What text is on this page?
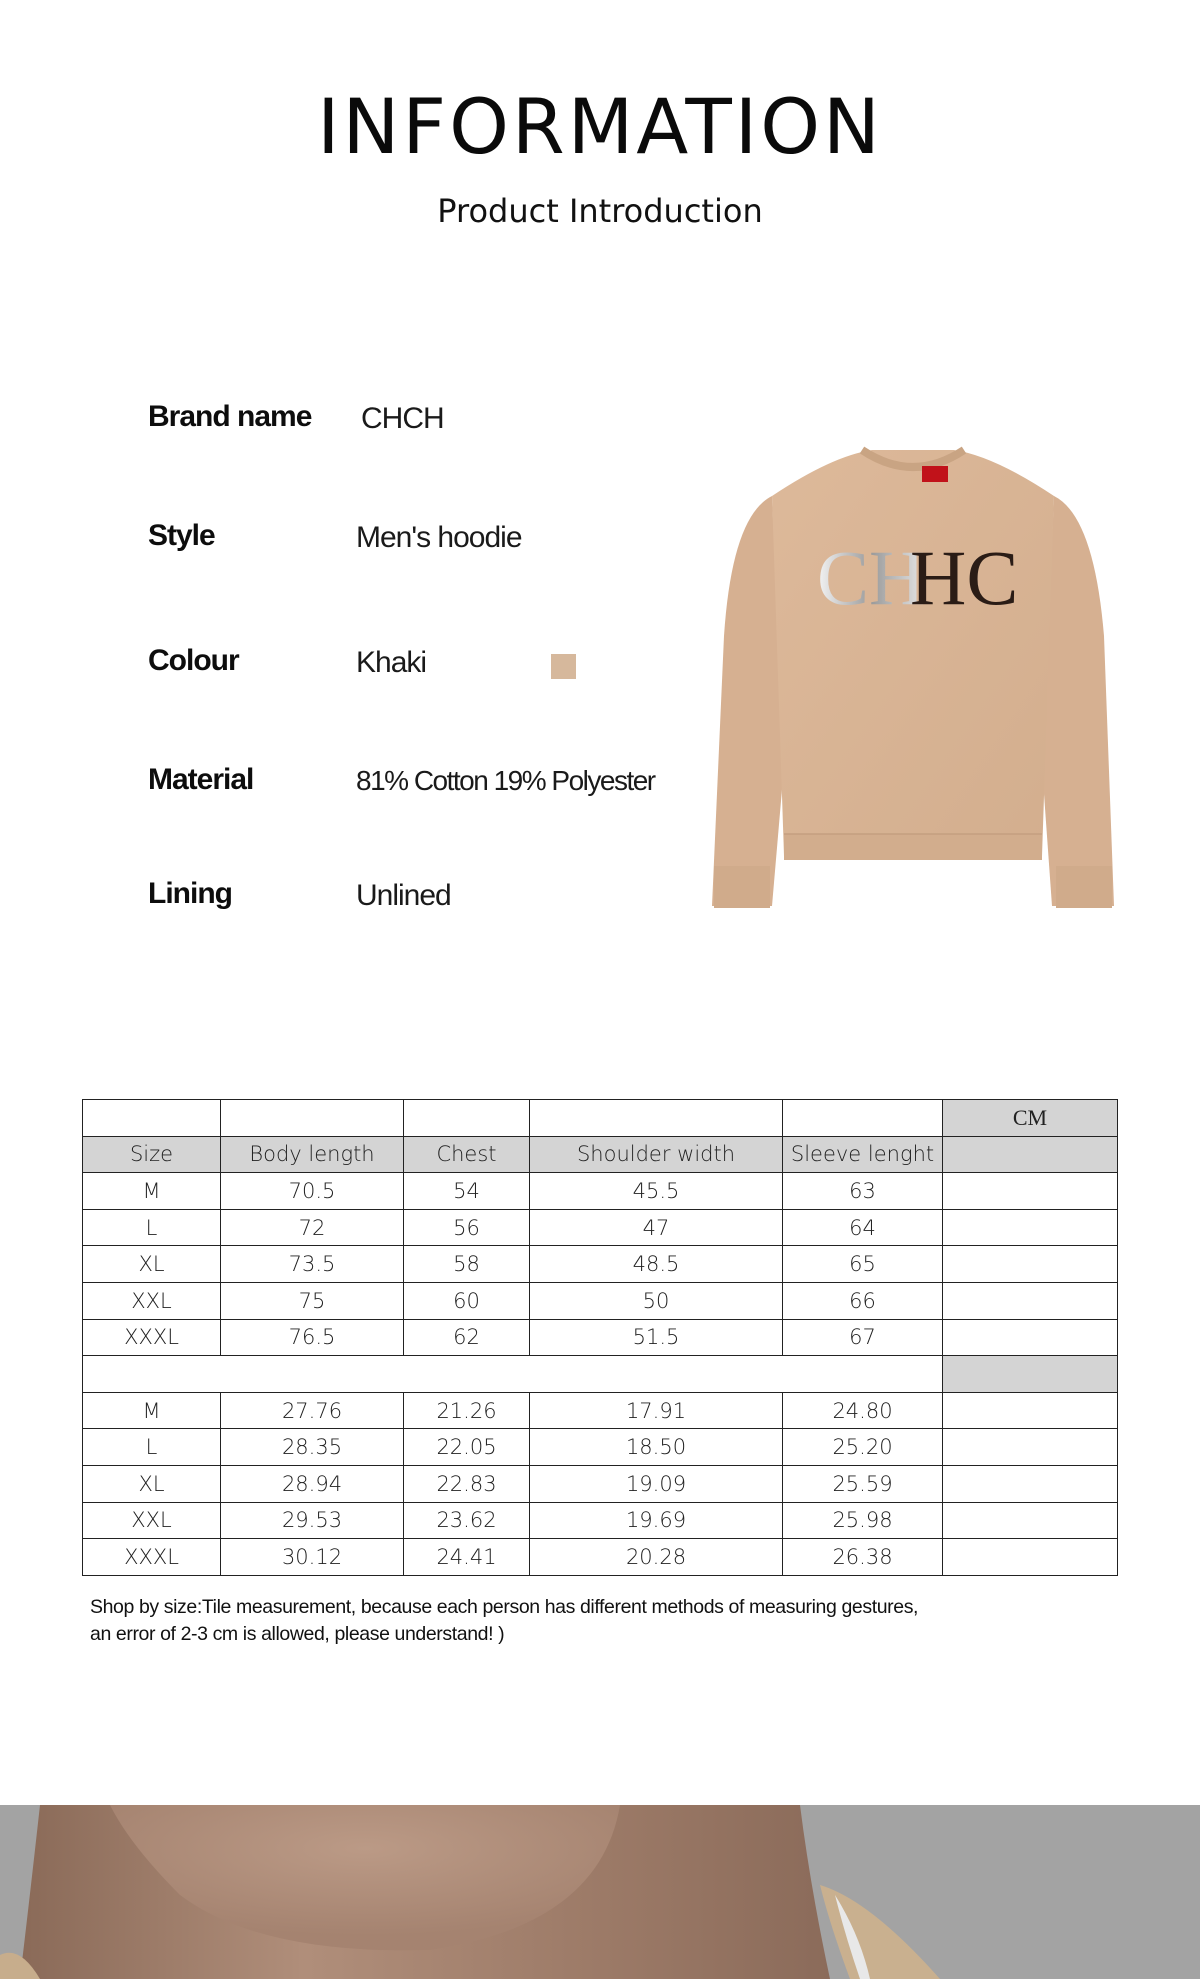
INFORMATION
Product Introduction
Brand name CHCH
Style	Men's hoodie
Colour	Khaki
Material	81% Cotton 19% Polyester
Lining	Unlined
CH
HC
					CM
Size	Body length	Chest	Shoulder width	Sleeve lenght	
M	70.5	54	45.5	63	
L	72	56	47	64	
XL	73.5	58	48.5	65	
XXL	75	60	50	66	
XXXL	76.5	62	51.5	67	

M	27.76	21.26	17.91	24.80	
L	28.35	22.05	18.50	25.20	
XL	28.94	22.83	19.09	25.59	
XXL	29.53	23.62	19.69	25.98	
XXXL	30.12	24.41	20.28	26.38	
Shop by size:Tile measurement, because each person has different methods of measuring gestures,
an error of 2-3 cm is allowed, please understand! )
